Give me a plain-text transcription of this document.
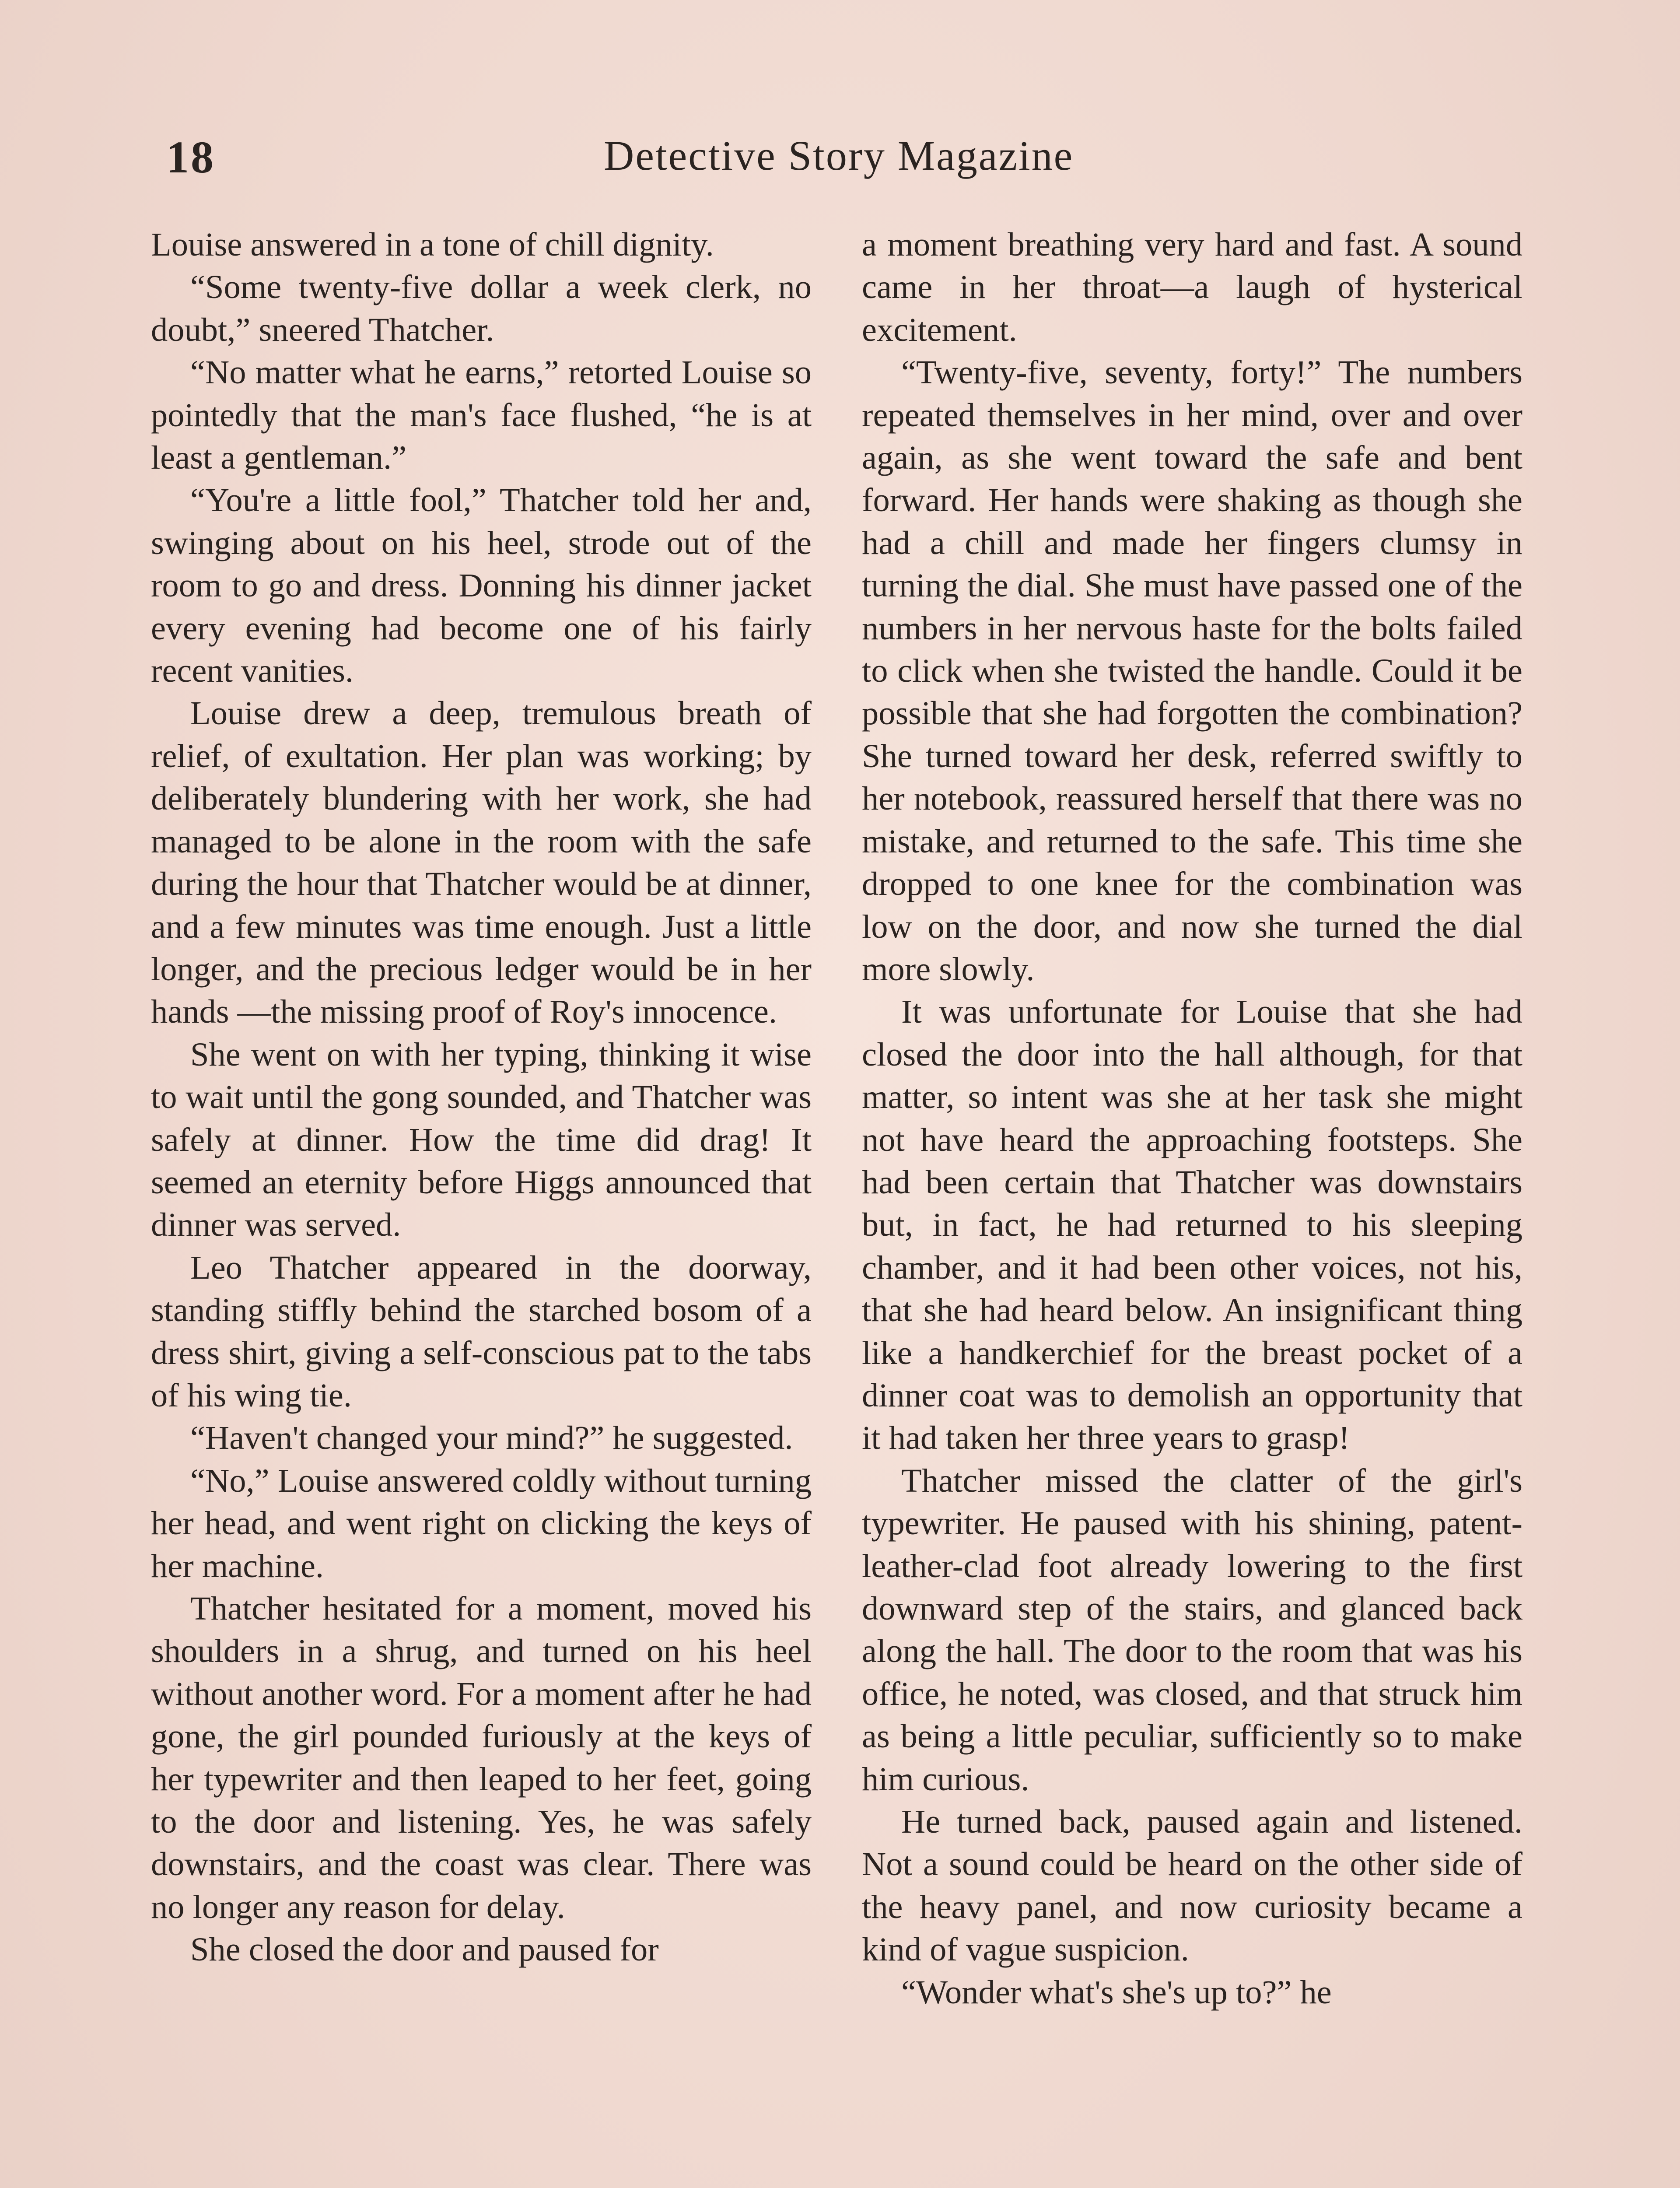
18	Detective Story Magazine

Louise answered in a tone of chill dignity.

“Some twenty-five dollar a week clerk, no doubt,” sneered Thatcher.

“No matter what he earns,” retorted Louise so pointedly that the man's face flushed, “he is at least a gentleman.”

“You're a little fool,” Thatcher told her and, swinging about on his heel, strode out of the room to go and dress. Donning his dinner jacket every evening had become one of his fairly recent vanities.

Louise drew a deep, tremulous breath of relief, of exultation. Her plan was working; by deliberately blundering with her work, she had managed to be alone in the room with the safe during the hour that Thatcher would be at dinner, and a few minutes was time enough. Just a little longer, and the precious ledger would be in her hands —the missing proof of Roy's innocence.

She went on with her typing, thinking it wise to wait until the gong sounded, and Thatcher was safely at dinner. How the time did drag! It seemed an eternity before Higgs announced that dinner was served.

Leo Thatcher appeared in the doorway, standing stiffly behind the starched bosom of a dress shirt, giving a self-conscious pat to the tabs of his wing tie.

“Haven't changed your mind?” he suggested.

“No,” Louise answered coldly without turning her head, and went right on clicking the keys of her machine.

Thatcher hesitated for a moment, moved his shoulders in a shrug, and turned on his heel without another word. For a moment after he had gone, the girl pounded furiously at the keys of her typewriter and then leaped to her feet, going to the door and listening. Yes, he was safely downstairs, and the coast was clear. There was no longer any reason for delay.

She closed the door and paused for

a moment breathing very hard and fast. A sound came in her throat—a laugh of hysterical excitement.

“Twenty-five, seventy, forty!” The numbers repeated themselves in her mind, over and over again, as she went toward the safe and bent forward. Her hands were shaking as though she had a chill and made her fingers clumsy in turning the dial. She must have passed one of the numbers in her nervous haste for the bolts failed to click when she twisted the handle. Could it be possible that she had forgotten the combination? She turned toward her desk, referred swiftly to her notebook, reassured herself that there was no mistake, and returned to the safe. This time she dropped to one knee for the combination was low on the door, and now she turned the dial more slowly.

It was unfortunate for Louise that she had closed the door into the hall although, for that matter, so intent was she at her task she might not have heard the approaching footsteps. She had been certain that Thatcher was downstairs but, in fact, he had returned to his sleeping chamber, and it had been other voices, not his, that she had heard below. An insignificant thing like a handkerchief for the breast pocket of a dinner coat was to demolish an opportunity that it had taken her three years to grasp!

Thatcher missed the clatter of the girl's typewriter. He paused with his shining, patent-leather-clad foot already lowering to the first downward step of the stairs, and glanced back along the hall. The door to the room that was his office, he noted, was closed, and that struck him as being a little peculiar, sufficiently so to make him curious.

He turned back, paused again and listened. Not a sound could be heard on the other side of the heavy panel, and now curiosity became a kind of vague suspicion.

“Wonder what's she's up to?” he
